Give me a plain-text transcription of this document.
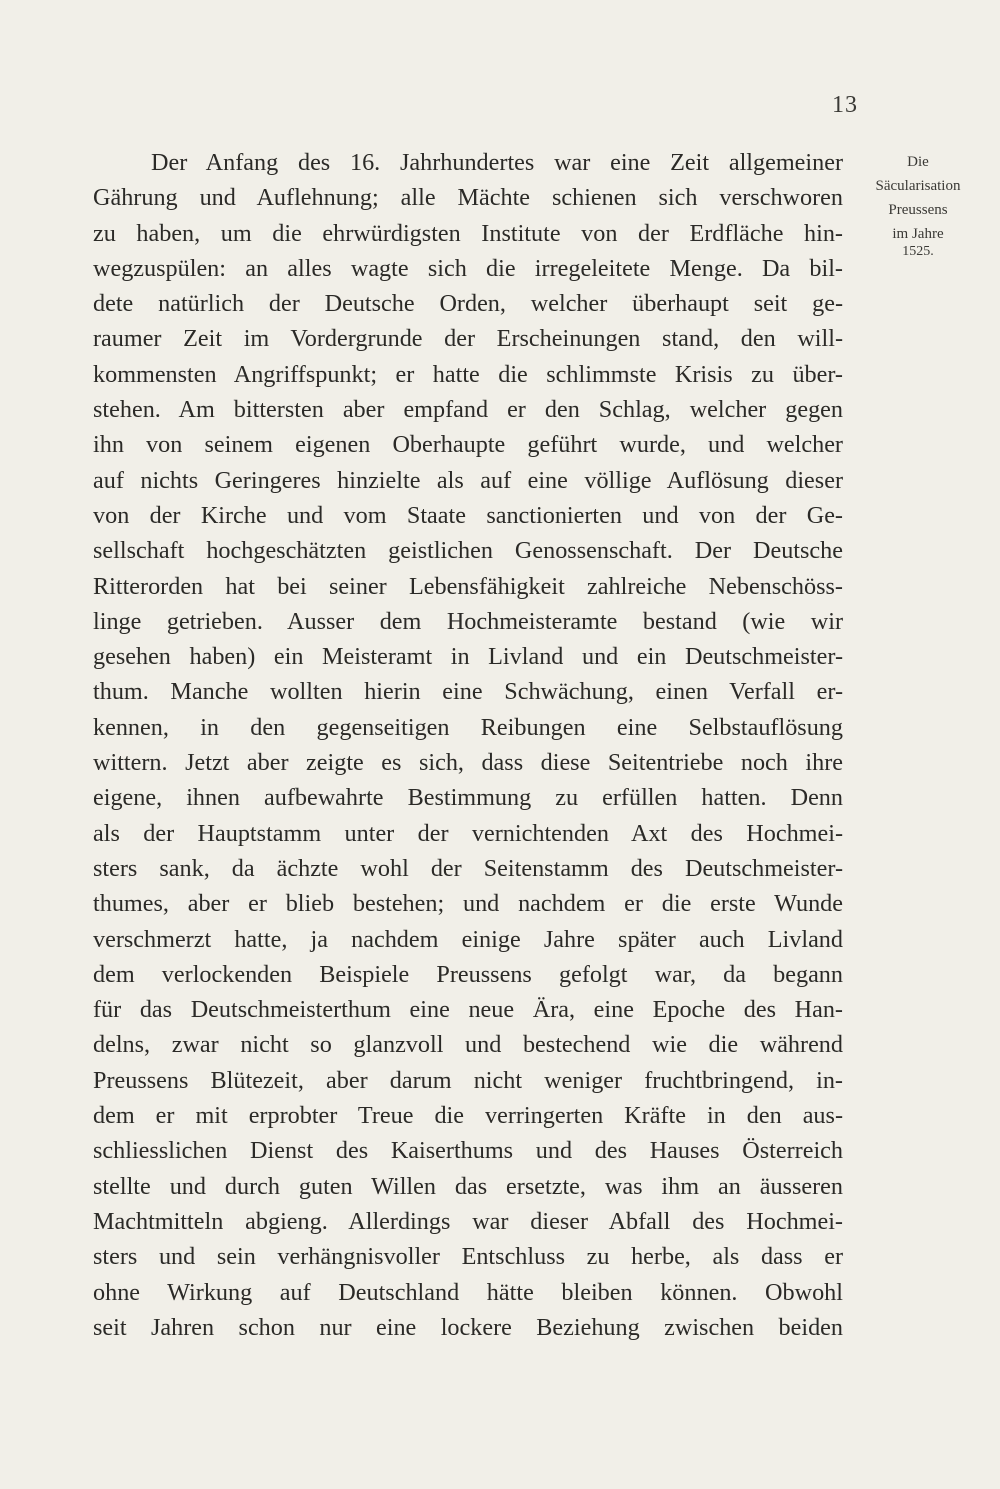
13
Die
Säcularisation
Preussens
im Jahre
1525.
Der Anfang des 16. Jahrhundertes war eine Zeit allgemeiner
Gährung und Auflehnung; alle Mächte schienen sich verschworen
zu haben, um die ehrwürdigsten Institute von der Erdfläche hin-
wegzuspülen: an alles wagte sich die irregeleitete Menge. Da bil-
dete natürlich der Deutsche Orden, welcher überhaupt seit ge-
raumer Zeit im Vordergrunde der Erscheinungen stand, den will-
kommensten Angriffspunkt; er hatte die schlimmste Krisis zu über-
stehen. Am bittersten aber empfand er den Schlag, welcher gegen
ihn von seinem eigenen Oberhaupte geführt wurde, und welcher
auf nichts Geringeres hinzielte als auf eine völlige Auflösung dieser
von der Kirche und vom Staate sanctionierten und von der Ge-
sellschaft hochgeschätzten geistlichen Genossenschaft. Der Deutsche
Ritterorden hat bei seiner Lebensfähigkeit zahlreiche Nebenschöss-
linge getrieben. Ausser dem Hochmeisteramte bestand (wie wir
gesehen haben) ein Meisteramt in Livland und ein Deutschmeister-
thum. Manche wollten hierin eine Schwächung, einen Verfall er-
kennen, in den gegenseitigen Reibungen eine Selbstauflösung
wittern. Jetzt aber zeigte es sich, dass diese Seitentriebe noch ihre
eigene, ihnen aufbewahrte Bestimmung zu erfüllen hatten. Denn
als der Hauptstamm unter der vernichtenden Axt des Hochmei-
sters sank, da ächzte wohl der Seitenstamm des Deutschmeister-
thumes, aber er blieb bestehen; und nachdem er die erste Wunde
verschmerzt hatte, ja nachdem einige Jahre später auch Livland
dem verlockenden Beispiele Preussens gefolgt war, da begann
für das Deutschmeisterthum eine neue Ära, eine Epoche des Han-
delns, zwar nicht so glanzvoll und bestechend wie die während
Preussens Blütezeit, aber darum nicht weniger fruchtbringend, in-
dem er mit erprobter Treue die verringerten Kräfte in den aus-
schliesslichen Dienst des Kaiserthums und des Hauses Österreich
stellte und durch guten Willen das ersetzte, was ihm an äusseren
Machtmitteln abgieng. Allerdings war dieser Abfall des Hochmei-
sters und sein verhängnisvoller Entschluss zu herbe, als dass er
ohne Wirkung auf Deutschland hätte bleiben können. Obwohl
seit Jahren schon nur eine lockere Beziehung zwischen beiden
